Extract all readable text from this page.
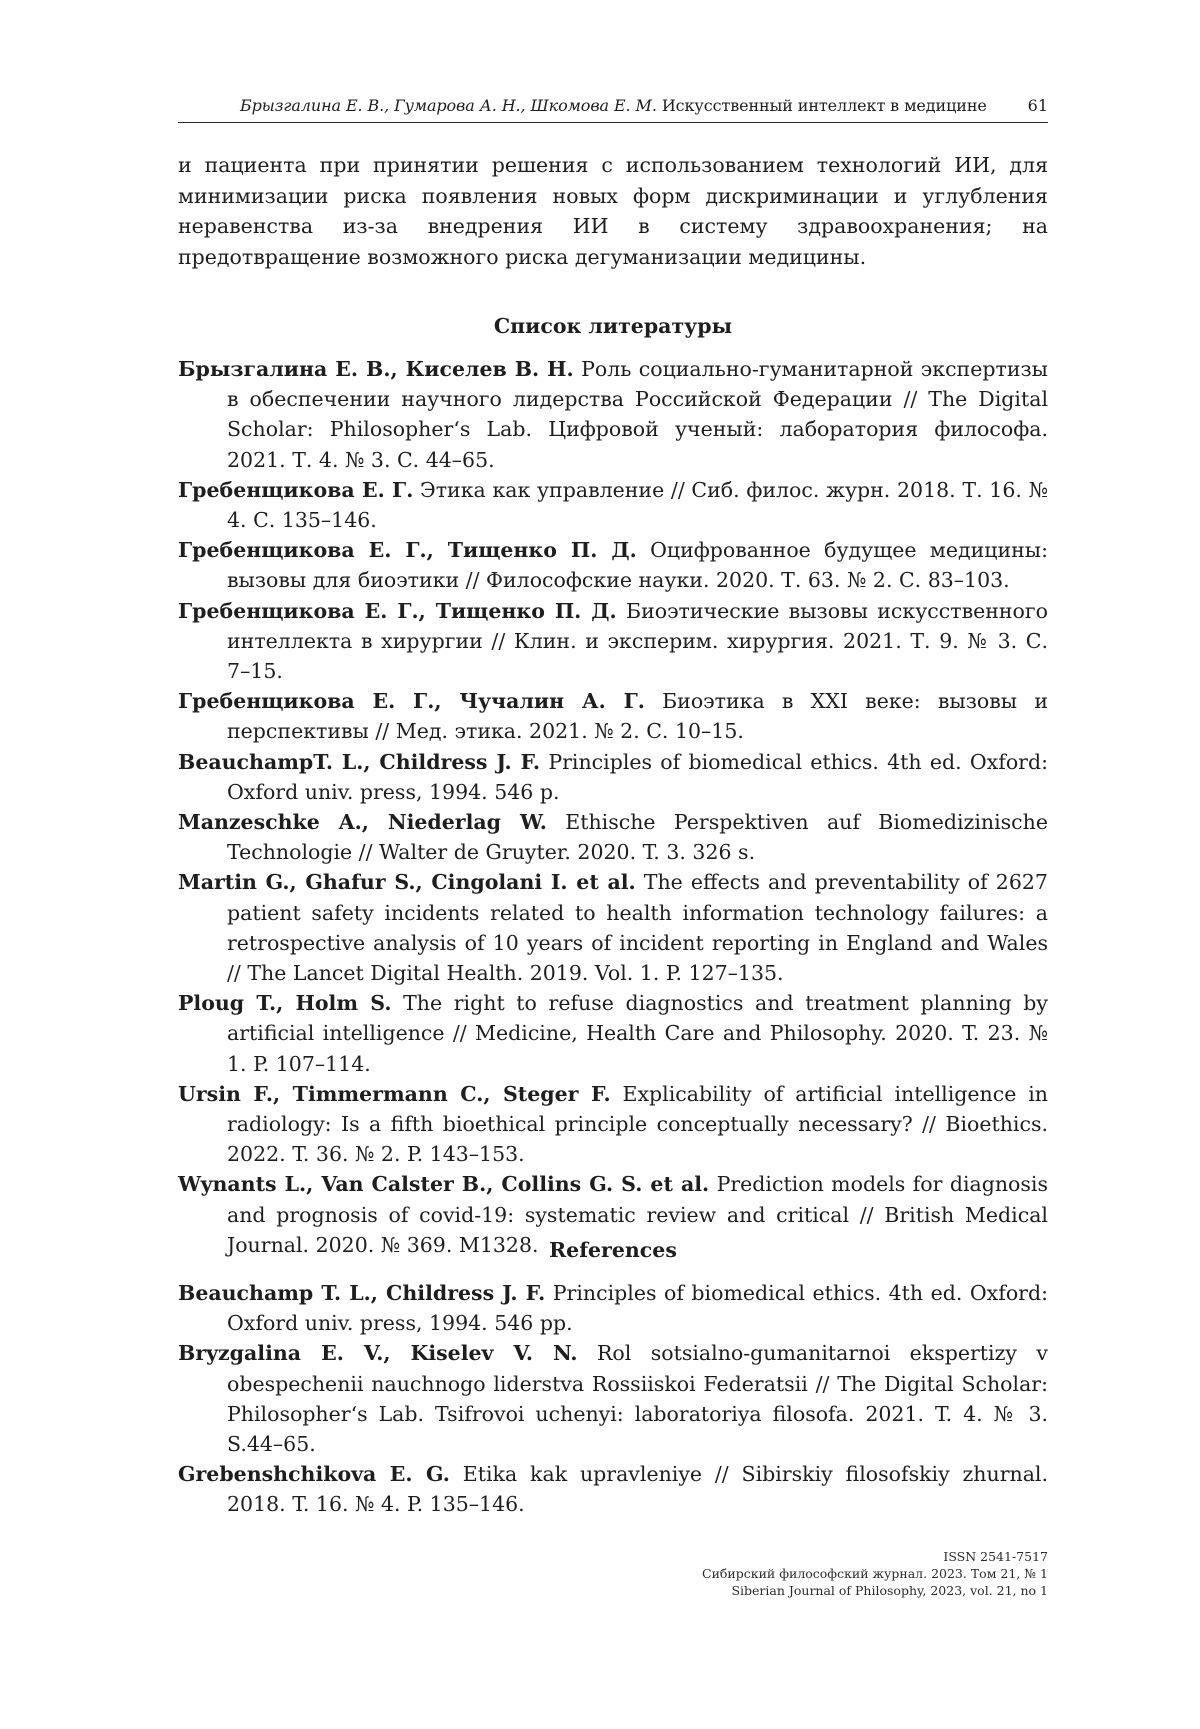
Брызгалина Е. В., Гумарова А. Н., Шкомова Е. М. Искусственный интеллект в медицине	61

и пациента при принятии решения с использованием технологий ИИ, для минимизации риска появления новых форм дискриминации и углубления неравенства из-за внедрения ИИ в систему здравоохранения; на предотвращение возможного риска дегуманизации медицины.

Список литературы
Брызгалина Е. В., Киселев В. Н. Роль социально-гуманитарной экспертизы в обеспечении научного лидерства Российской Федерации // The Digital Scholar: Philosopher‘s Lab. Цифровой ученый: лаборатория философа. 2021. Т. 4. № 3. С. 44–65.
Гребенщикова Е. Г. Этика как управление // Сиб. филос. журн. 2018. Т. 16. № 4. С. 135–146.
Гребенщикова Е. Г., Тищенко П. Д. Оцифрованное будущее медицины: вызовы для биоэтики // Философские науки. 2020. Т. 63. № 2. С. 83–103.
Гребенщикова Е. Г., Тищенко П. Д. Биоэтические вызовы искусственного интеллекта в хирургии // Клин. и эксперим. хирургия. 2021. Т. 9. № 3. С. 7–15.
Гребенщикова Е. Г., Чучалин А. Г. Биоэтика в XXI веке: вызовы и перспективы // Мед. этика. 2021. № 2. С. 10–15.
BeauchampT. L., Childress J. F. Principles of biomedical ethics. 4th ed. Oxford: Oxford univ. press, 1994. 546 p.
Manzeschke A., Niederlag W. Ethische Perspektiven auf Biomedizinische Technologie // Walter de Gruyter. 2020. T. 3. 326 s.
Martin G., Ghafur S., Cingolani I. et al. The effects and preventability of 2627 patient safety incidents related to health information technology failures: a retrospective analysis of 10 years of incident reporting in England and Wales // The Lancet Digital Health. 2019. Vol. 1. P. 127–135.
Ploug T., Holm S. The right to refuse diagnostics and treatment planning by artificial intelligence // Medicine, Health Care and Philosophy. 2020. T. 23. № 1. P. 107–114.
Ursin F., Timmermann C., Steger F. Explicability of artificial intelligence in radiology: Is a fifth bioethical principle conceptually necessary? // Bioethics. 2022. T. 36. № 2. P. 143–153.
Wynants L., Van Calster B., Collins G. S. et al. Prediction models for diagnosis and prognosis of covid-19: systematic review and critical // British Medical Journal. 2020. № 369. M1328. References
Beauchamp T. L., Childress J. F. Principles of biomedical ethics. 4th ed. Oxford: Oxford univ. press, 1994. 546 pp.
Bryzgalina E. V., Kiselev V. N. Rol sotsialno-gumanitarnoi ekspertizy v obespechenii nauchnogo liderstva Rossiiskoi Federatsii // The Digital Scholar: Philosopher‘s Lab. Tsifrovoi uchenyi: laboratoriya filosofa. 2021. T. 4. № 3. S.44–65.
Grebenshchikova E. G. Etika kak upravleniye // Sibirskiy filosofskiy zhurnal. 2018. T. 16. № 4. P. 135–146.
ISSN 2541-7517
Сибирский философский журнал. 2023. Том 21, № 1
Siberian Journal of Philosophy, 2023, vol. 21, no 1
